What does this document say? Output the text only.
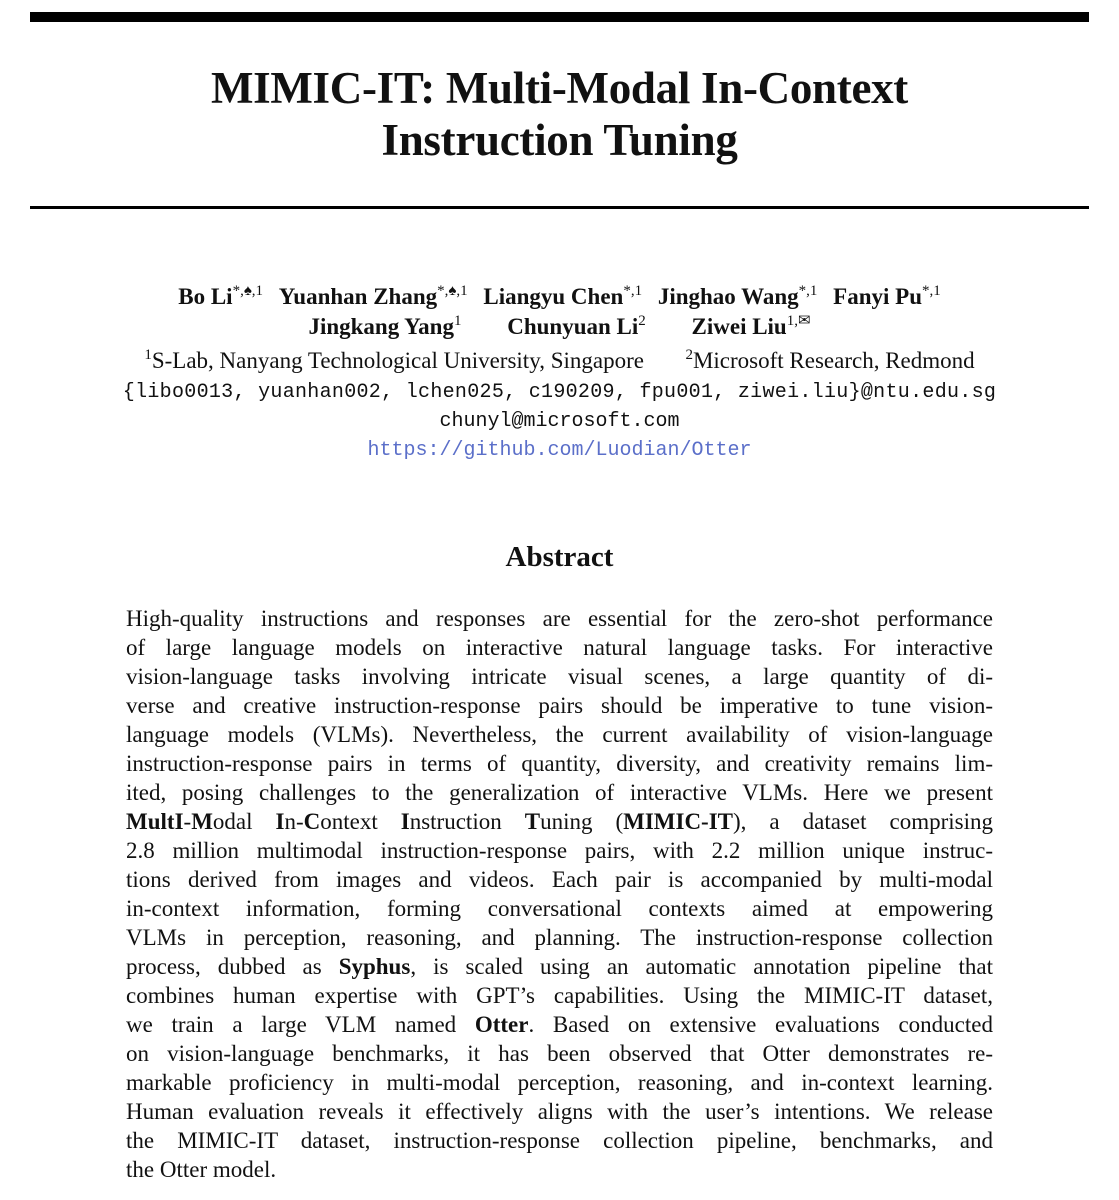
MIMIC-IT: Multi-Modal In-Context
Instruction Tuning
Bo $Li^{*,♠,1}$ Yuanhan Zhang$^{*,♠,1}$ Liangyu Chen$^{*,1}$ Jinghao Wang$^{*,1}$ Fanyi $Pu^{*,1}$
Jingkang Yang$^1$ Chunyuan Li$^2$ Ziwei Liu$^{1,✉}$
$^1$S-Lab, Nanyang Technological University, Singapore	$^2$Microsoft Research, Redmond
{libo0013, yuanhan002, lchen025, c190209, fpu001, ziwei.liu}@ntu.edu.sg
chunyl@microsoft.com
https://github.com/Luodian/Otter
Abstract
High-quality instructions and responses are essential for the zero-shot performance
of large language models on interactive natural language tasks. For interactive
vision-language tasks involving intricate visual scenes, a large quantity of di-
verse and creative instruction-response pairs should be imperative to tune vision-
language models (VLMs). Nevertheless, the current availability of vision-language
instruction-response pairs in terms of quantity, diversity, and creativity remains lim-
ited, posing challenges to the generalization of interactive VLMs. Here we present
MultI-Modal In-Context Instruction Tuning (MIMIC-IT), a dataset comprising
2.8 million multimodal instruction-response pairs, with 2.2 million unique instruc-
tions derived from images and videos. Each pair is accompanied by multi-modal
in-context information, forming conversational contexts aimed at empowering
VLMs in perception, reasoning, and planning. The instruction-response collection
process, dubbed as Syphus, is scaled using an automatic annotation pipeline that
combines human expertise with GPT’s capabilities. Using the MIMIC-IT dataset,
we train a large VLM named Otter. Based on extensive evaluations conducted
on vision-language benchmarks, it has been observed that Otter demonstrates re-
markable proficiency in multi-modal perception, reasoning, and in-context learning.
Human evaluation reveals it effectively aligns with the user’s intentions. We release
the MIMIC-IT dataset, instruction-response collection pipeline, benchmarks, and
the Otter model.
